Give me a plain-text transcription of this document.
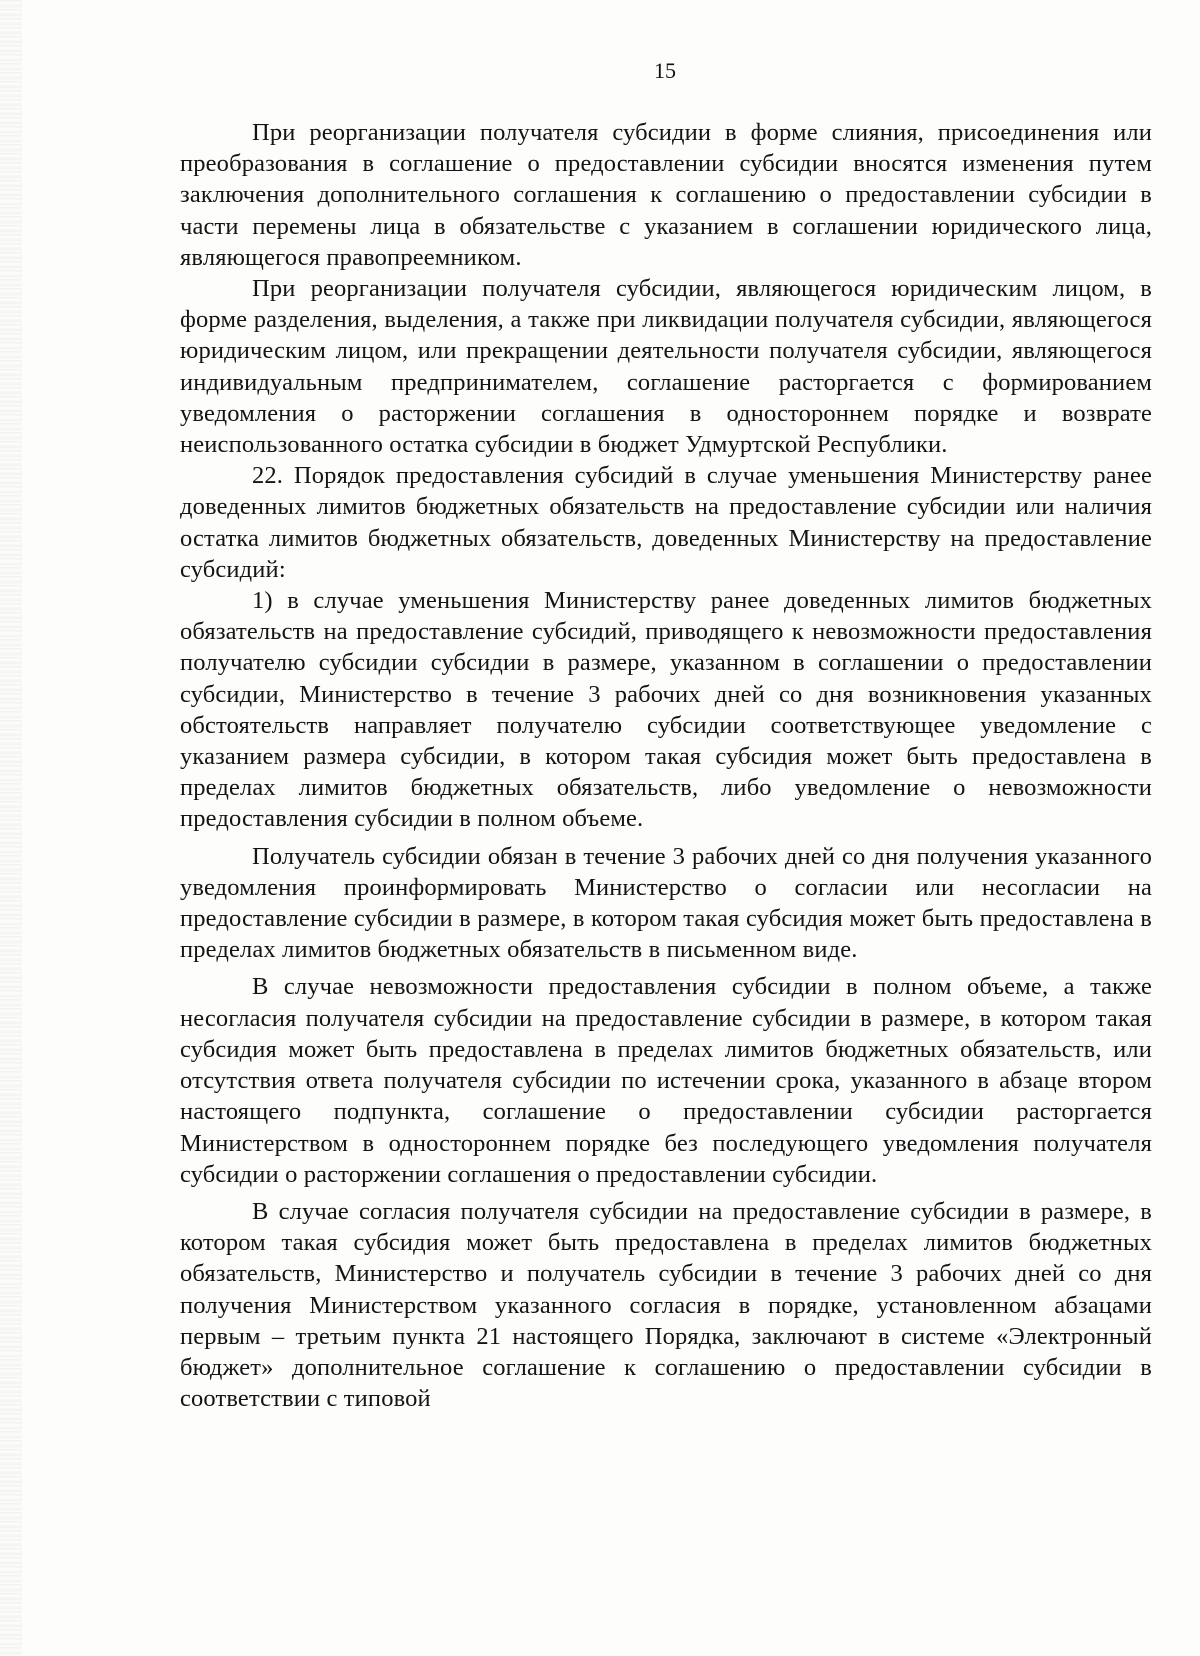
15

При реорганизации получателя субсидии в форме слияния, присоединения или преобразования в соглашение о предоставлении субсидии вносятся изменения путем заключения дополнительного соглашения к соглашению о предоставлении субсидии в части перемены лица в обязательстве с указанием в соглашении юридического лица, являющегося правопреемником.

При реорганизации получателя субсидии, являющегося юридическим лицом, в форме разделения, выделения, а также при ликвидации получателя субсидии, являющегося юридическим лицом, или прекращении деятельности получателя субсидии, являющегося индивидуальным предпринимателем, соглашение расторгается с формированием уведомления о расторжении соглашения в одностороннем порядке и возврате неиспользованного остатка субсидии в бюджет Удмуртской Республики.

22. Порядок предоставления субсидий в случае уменьшения Министерству ранее доведенных лимитов бюджетных обязательств на предоставление субсидии или наличия остатка лимитов бюджетных обязательств, доведенных Министерству на предоставление субсидий:

1) в случае уменьшения Министерству ранее доведенных лимитов бюджетных обязательств на предоставление субсидий, приводящего к невозможности предоставления получателю субсидии субсидии в размере, указанном в соглашении о предоставлении субсидии, Министерство в течение 3 рабочих дней со дня возникновения указанных обстоятельств направляет получателю субсидии соответствующее уведомление с указанием размера субсидии, в котором такая субсидия может быть предоставлена в пределах лимитов бюджетных обязательств, либо уведомление о невозможности предоставления субсидии в полном объеме.

Получатель субсидии обязан в течение 3 рабочих дней со дня получения указанного уведомления проинформировать Министерство о согласии или несогласии на предоставление субсидии в размере, в котором такая субсидия может быть предоставлена в пределах лимитов бюджетных обязательств в письменном виде.

В случае невозможности предоставления субсидии в полном объеме, а также несогласия получателя субсидии на предоставление субсидии в размере, в котором такая субсидия может быть предоставлена в пределах лимитов бюджетных обязательств, или отсутствия ответа получателя субсидии по истечении срока, указанного в абзаце втором настоящего подпункта, соглашение о предоставлении субсидии расторгается Министерством в одностороннем порядке без последующего уведомления получателя субсидии о расторжении соглашения о предоставлении субсидии.

В случае согласия получателя субсидии на предоставление субсидии в размере, в котором такая субсидия может быть предоставлена в пределах лимитов бюджетных обязательств, Министерство и получатель субсидии в течение 3 рабочих дней со дня получения Министерством указанного согласия в порядке, установленном абзацами первым – третьим пункта 21 настоящего Порядка, заключают в системе «Электронный бюджет» дополнительное соглашение к соглашению о предоставлении субсидии в соответствии с типовой
